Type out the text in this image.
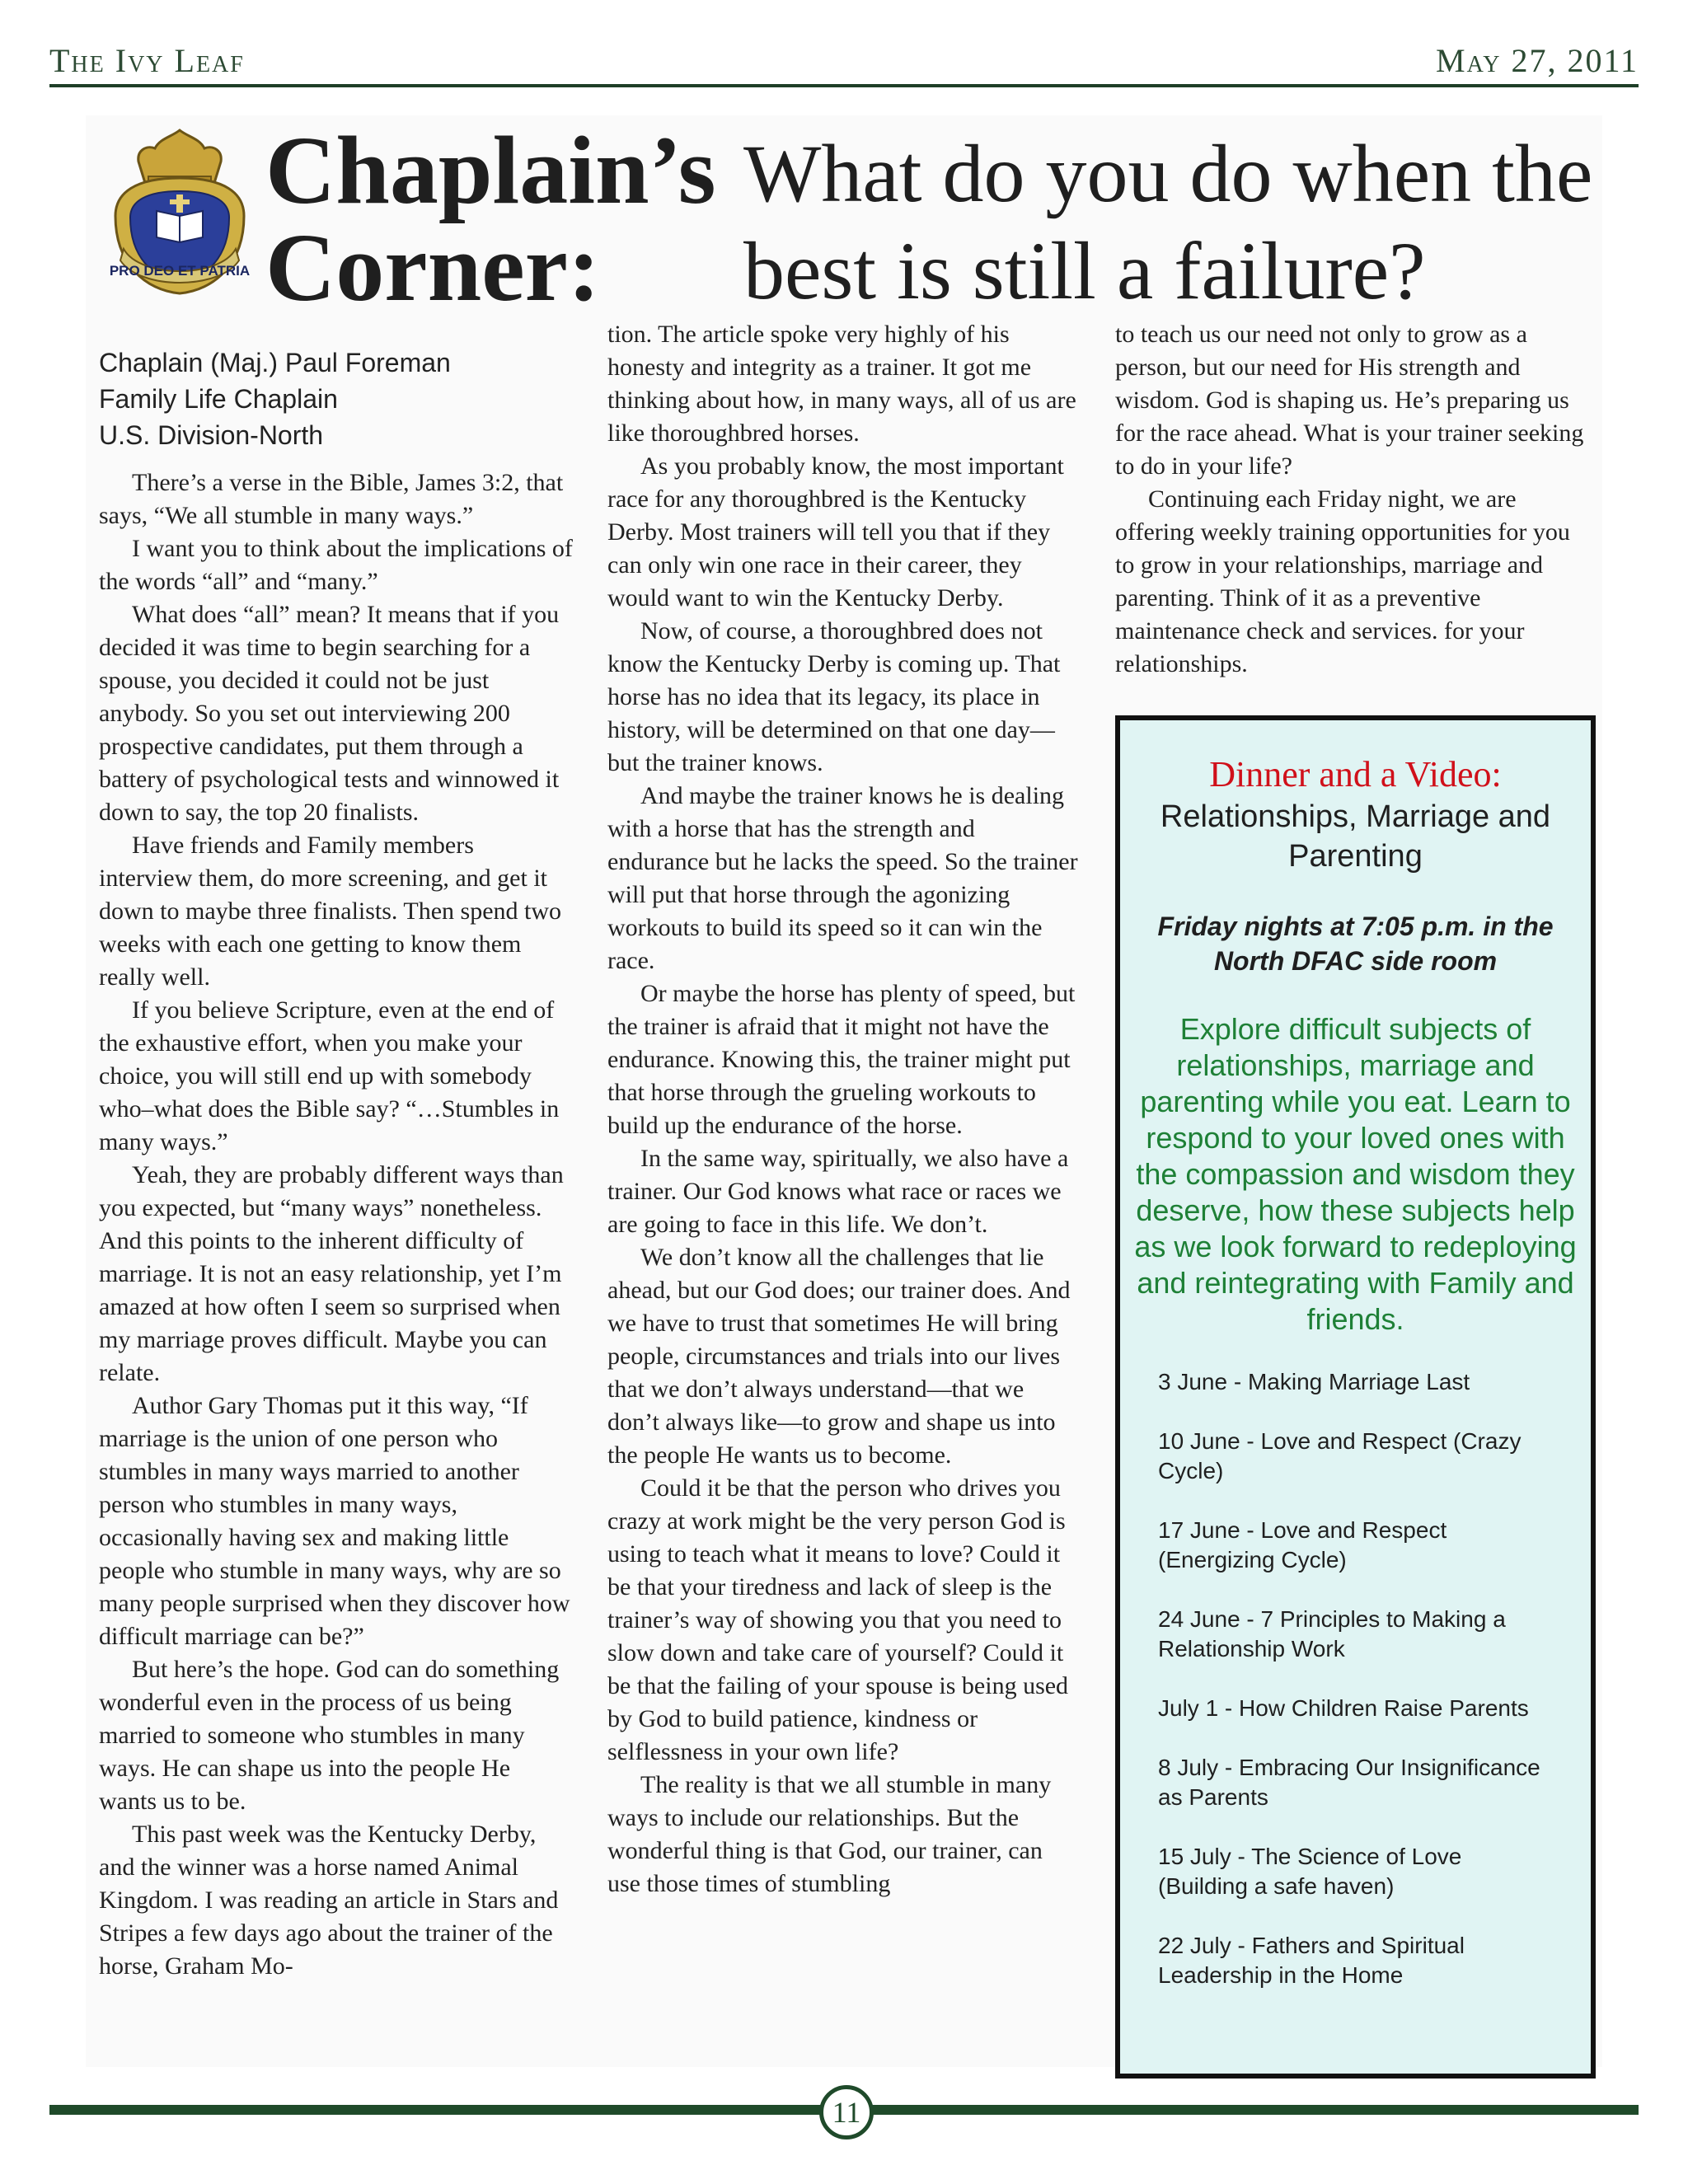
The Ivy Leaf	May 27, 2011
PRO DEO ET PATRIA
Chaplain’s
Corner:
What do you do when the
best is still a failure?
Chaplain (Maj.) Paul Foreman
Family Life Chaplain
U.S. Division-North

There’s a verse in the Bible, James 3:2, that says, “We all stumble in many ways.”

I want you to think about the implications of the words “all” and “many.”

What does “all” mean? It means that if you decided it was time to begin searching for a spouse, you decided it could not be just anybody. So you set out interviewing 200 prospective candidates, put them through a battery of psychological tests and winnowed it down to say, the top 20 finalists.

Have friends and Family members interview them, do more screening, and get it down to maybe three finalists. Then spend two weeks with each one getting to know them really well.

If you believe Scripture, even at the end of the exhaustive effort, when you make your choice, you will still end up with somebody who–what does the Bible say? “…Stumbles in many ways.”

Yeah, they are probably different ways than you expected, but “many ways” nonetheless. And this points to the inherent difficulty of marriage. It is not an easy relationship, yet I’m amazed at how often I seem so surprised when my marriage proves difficult. Maybe you can relate.

Author Gary Thomas put it this way, “If marriage is the union of one person who stumbles in many ways married to another person who stumbles in many ways, occasionally having sex and making little people who stumble in many ways, why are so many people surprised when they discover how difficult marriage can be?”

But here’s the hope. God can do something wonderful even in the process of us being married to someone who stumbles in many ways. He can shape us into the people He wants us to be.

This past week was the Kentucky Derby, and the winner was a horse named Animal Kingdom. I was reading an article in Stars and Stripes a few days ago about the trainer of the horse, Graham Mo-

tion. The article spoke very highly of his honesty and integrity as a trainer. It got me thinking about how, in many ways, all of us are like thoroughbred horses.

As you probably know, the most important race for any thoroughbred is the Kentucky Derby. Most trainers will tell you that if they can only win one race in their career, they would want to win the Kentucky Derby.

Now, of course, a thoroughbred does not know the Kentucky Derby is coming up. That horse has no idea that its legacy, its place in history, will be determined on that one day—but the trainer knows.

And maybe the trainer knows he is dealing with a horse that has the strength and endurance but he lacks the speed. So the trainer will put that horse through the agonizing workouts to build its speed so it can win the race.

Or maybe the horse has plenty of speed, but the trainer is afraid that it might not have the endurance. Knowing this, the trainer might put that horse through the grueling workouts to build up the endurance of the horse.

In the same way, spiritually, we also have a trainer. Our God knows what race or races we are going to face in this life. We don’t.

We don’t know all the challenges that lie ahead, but our God does; our trainer does. And we have to trust that sometimes He will bring people, circumstances and trials into our lives that we don’t always understand—that we don’t always like—to grow and shape us into the people He wants us to become.

Could it be that the person who drives you crazy at work might be the very person God is using to teach what it means to love? Could it be that your tiredness and lack of sleep is the trainer’s way of showing you that you need to slow down and take care of yourself? Could it be that the failing of your spouse is being used by God to build patience, kindness or selflessness in your own life?

The reality is that we all stumble in many ways to include our relationships. But the wonderful thing is that God, our trainer, can use those times of stumbling

to teach us our need not only to grow as a person, but our need for His strength and wisdom. God is shaping us. He’s preparing us for the race ahead. What is your trainer seeking to do in your life?

Continuing each Friday night, we are offering weekly training opportunities for you to grow in your relationships, marriage and parenting. Think of it as a preventive maintenance check and services. for your relationships.

Dinner and a Video:
Relationships, Marriage and Parenting
Friday nights at 7:05 p.m. in the North DFAC side room
Explore difficult subjects of relationships, marriage and parenting while you eat. Learn to respond to your loved ones with the compassion and wisdom they deserve, how these subjects help as we look forward to redeploying and reintegrating with Family and friends.
3 June - Making Marriage Last
10 June - Love and Respect (Crazy Cycle)
17 June - Love and Respect (Energizing Cycle)
24 June - 7 Principles to Making a Relationship Work
July 1 - How Children Raise Parents
8 July - Embracing Our Insignificance as Parents
15 July - The Science of Love (Building a safe haven)
22 July - Fathers and Spiritual Leadership in the Home
11
